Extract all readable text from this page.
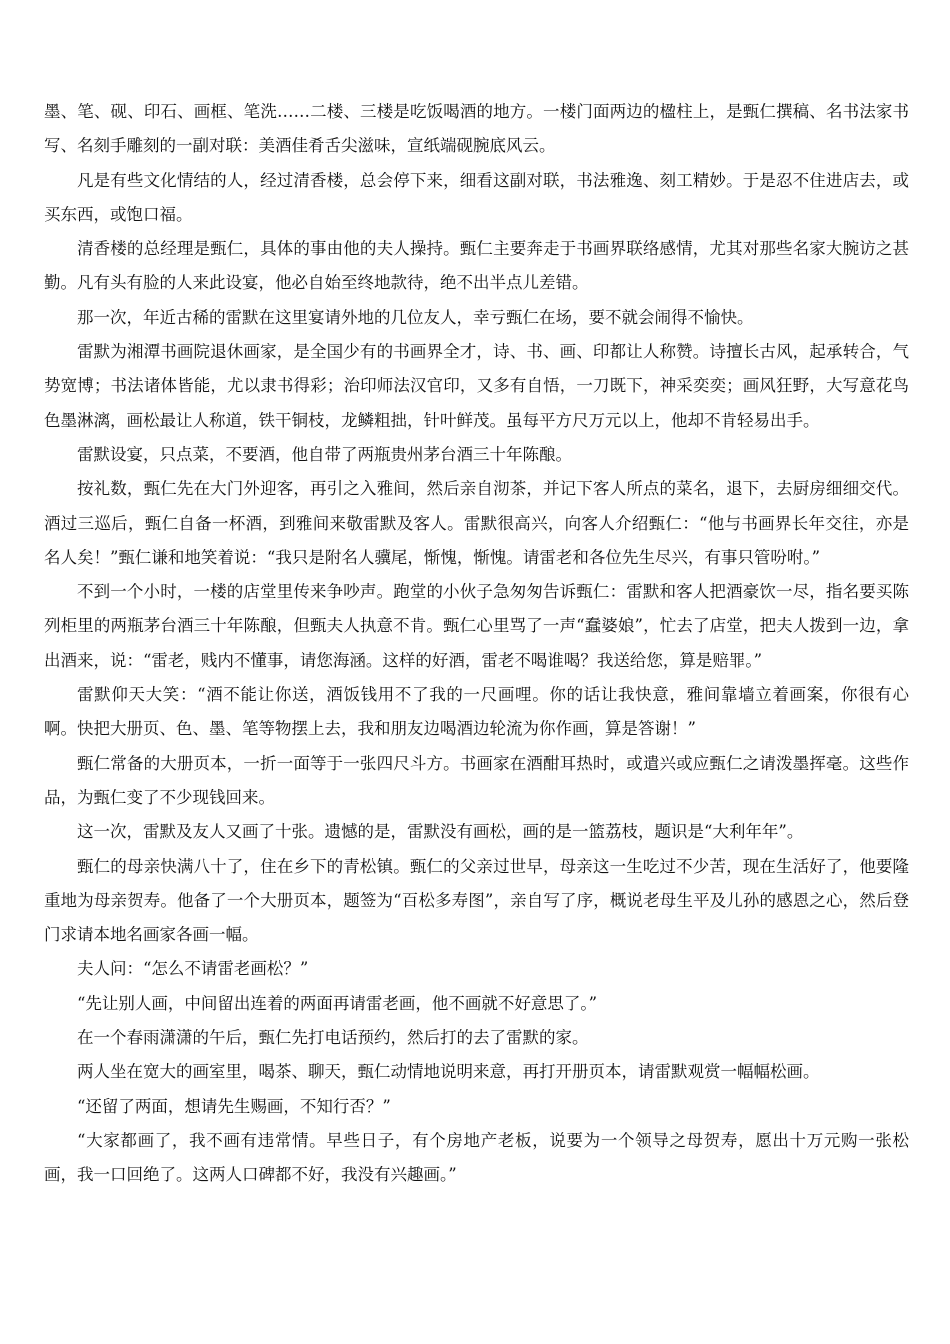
墨、笔、砚、印石、画框、笔洗……二楼、三楼是吃饭喝酒的地方。一楼门面两边的楹柱上，是甄仁撰稿、名书法家书写、名刻手雕刻的一副对联：美酒佳肴舌尖滋味，宣纸端砚腕底风云。

凡是有些文化情结的人，经过清香楼，总会停下来，细看这副对联，书法雅逸、刻工精妙。于是忍不住进店去，或买东西，或饱口福。

清香楼的总经理是甄仁，具体的事由他的夫人操持。甄仁主要奔走于书画界联络感情，尤其对那些名家大腕访之甚勤。凡有头有脸的人来此设宴，他必自始至终地款待，绝不出半点儿差错。

那一次，年近古稀的雷默在这里宴请外地的几位友人，幸亏甄仁在场，要不就会闹得不愉快。

雷默为湘潭书画院退休画家，是全国少有的书画界全才，诗、书、画、印都让人称赞。诗擅长古风，起承转合，气势宽博；书法诸体皆能，尤以隶书得彩；治印师法汉官印，又多有自悟，一刀既下，神采奕奕；画风狂野，大写意花鸟色墨淋漓，画松最让人称道，铁干铜枝，龙鳞粗拙，针叶鲜茂。虽每平方尺万元以上，他却不肯轻易出手。

雷默设宴，只点菜，不要酒，他自带了两瓶贵州茅台酒三十年陈酿。

按礼数，甄仁先在大门外迎客，再引之入雅间，然后亲自沏茶，并记下客人所点的菜名，退下，去厨房细细交代。酒过三巡后，甄仁自备一杯酒，到雅间来敬雷默及客人。雷默很高兴，向客人介绍甄仁：“他与书画界长年交往，亦是名人矣！”甄仁谦和地笑着说：“我只是附名人骥尾，惭愧，惭愧。请雷老和各位先生尽兴，有事只管吩咐。”

不到一个小时，一楼的店堂里传来争吵声。跑堂的小伙子急匆匆告诉甄仁：雷默和客人把酒豪饮一尽，指名要买陈列柜里的两瓶茅台酒三十年陈酿，但甄夫人执意不肯。甄仁心里骂了一声“蠢婆娘”，忙去了店堂，把夫人拨到一边，拿出酒来，说：“雷老，贱内不懂事，请您海涵。这样的好酒，雷老不喝谁喝？我送给您，算是赔罪。”

雷默仰天大笑：“酒不能让你送，酒饭钱用不了我的一尺画哩。你的话让我快意，雅间靠墙立着画案，你很有心啊。快把大册页、色、墨、笔等物摆上去，我和朋友边喝酒边轮流为你作画，算是答谢！”

甄仁常备的大册页本，一折一面等于一张四尺斗方。书画家在酒酣耳热时，或遣兴或应甄仁之请泼墨挥毫。这些作品，为甄仁变了不少现钱回来。

这一次，雷默及友人又画了十张。遗憾的是，雷默没有画松，画的是一篮荔枝，题识是“大利年年”。

甄仁的母亲快满八十了，住在乡下的青松镇。甄仁的父亲过世早，母亲这一生吃过不少苦，现在生活好了，他要隆重地为母亲贺寿。他备了一个大册页本，题签为“百松多寿图”，亲自写了序，概说老母生平及儿孙的感恩之心，然后登门求请本地名画家各画一幅。

夫人问：“怎么不请雷老画松？”

“先让别人画，中间留出连着的两面再请雷老画，他不画就不好意思了。”

在一个春雨潇潇的午后，甄仁先打电话预约，然后打的去了雷默的家。

两人坐在宽大的画室里，喝茶、聊天，甄仁动情地说明来意，再打开册页本，请雷默观赏一幅幅松画。

“还留了两面，想请先生赐画，不知行否？”

“大家都画了，我不画有违常情。早些日子，有个房地产老板，说要为一个领导之母贺寿，愿出十万元购一张松画，我一口回绝了。这两人口碑都不好，我没有兴趣画。”
